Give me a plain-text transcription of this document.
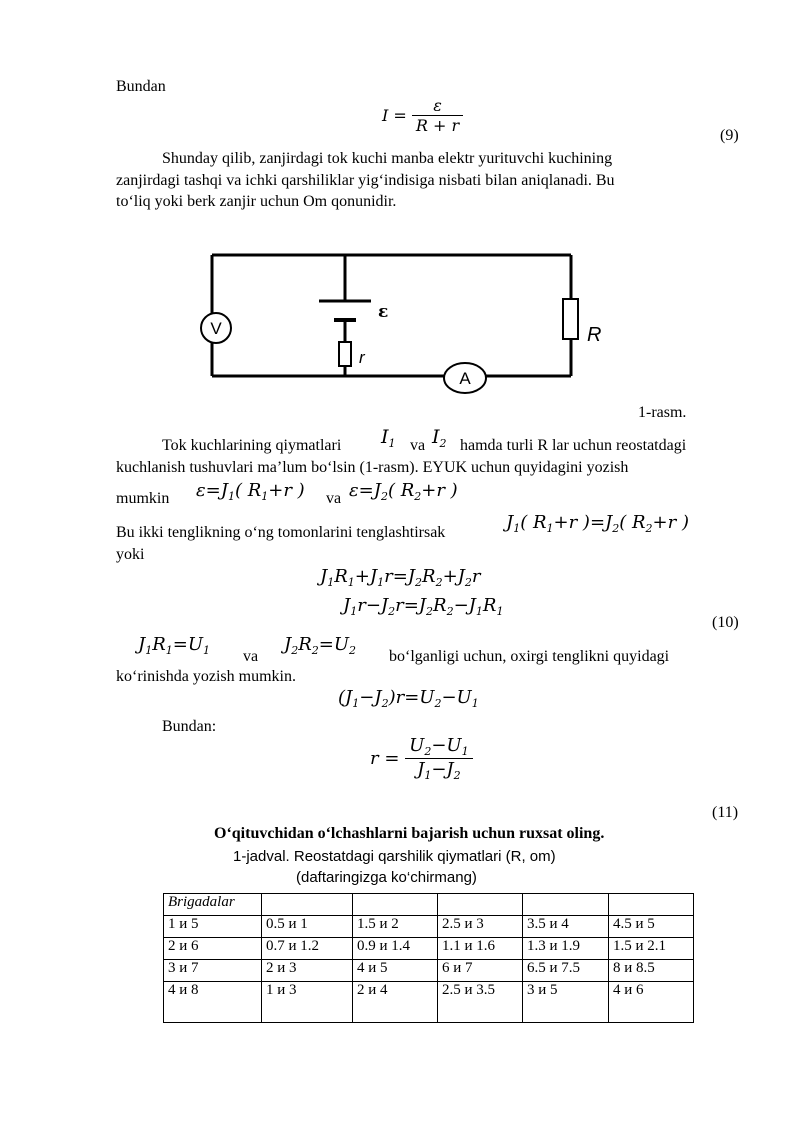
Bundan
$I = \frac{\varepsilon}{R + r}$
(9)
Shunday qilib, zanjirdagi tok kuchi manba elektr yurituvchi kuchining
zanjirdagi tashqi va ichki qarshiliklar yig‘indisiga nisbati bilan aniqlanadi. Bu
to‘liq yoki berk zanjir uchun Om qonunidir.
V
A
ε
r
R
1-rasm.
Tok kuchlarining qiymatlari $I_1$ va $I_2$ hamda turli R lar uchun reostatdagi
kuchlanish tushuvlari ma’lum bo‘lsin (1-rasm). EYUK uchun quyidagini yozish
mumkin $\varepsilon=J_1$( $R_1+r$ ) va $\varepsilon=J_2$( $R_2+r$ )
Bu ikki tenglikning o‘ng tomonlarini tenglashtirsak	$J_1$( $R_1+r$ )$=J_2$( $R_2+r$ )
yoki
$J_1R_1+J_1r=J_2R_2+J_2r$
$J_1r-J_2r=J_2R_2-J_1R_1$
(10)
$J_1R_1=U_1$ va
$J_2R_2=U_2$ bo‘lganligi uchun, oxirgi tenglikni quyidagi
ko‘rinishda yozish mumkin.
$(J_1-J_2)r=U_2-U_1$
Bundan:
$r = \frac{U_2-U_1}{J_1-J_2}$
(11)
O‘qituvchidan o‘lchashlarni bajarish uchun ruxsat oling.
1-jadval. Reostatdagi qarshilik qiymatlari (R, om)
(daftaringizga ko‘chirmang)
Brigadalar					
1 и 5	0.5 и 1	1.5 и 2	2.5 и 3	3.5 и 4	4.5 и 5
2 и 6	0.7 и 1.2	0.9 и 1.4	1.1 и 1.6	1.3 и 1.9	1.5 и 2.1
3 и 7	2 и 3	4 и 5	6 и 7	6.5 и 7.5	8 и 8.5
4 и 8	1 и 3	2 и 4	2.5 и 3.5	3 и 5	4 и 6
